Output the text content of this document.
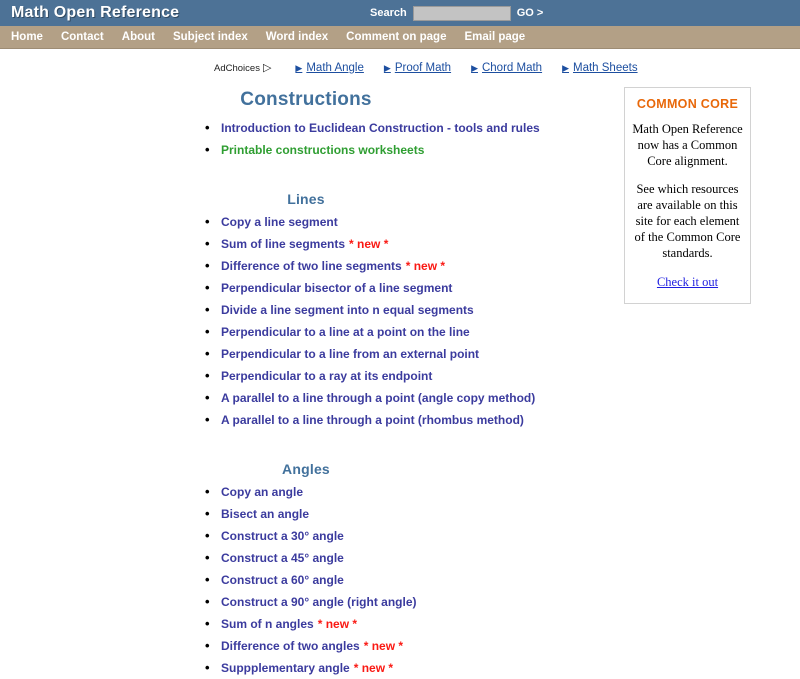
Math Open Reference	Search	GO >
Home	Contact	About	Subject index	Word index	Comment on page	Email page
AdChoices ▷	▶ Math Angle ▶ Proof Math ▶ Chord Math ▶ Math Sheets
Constructions
• Introduction to Euclidean Construction - tools and rules
• Printable constructions worksheets
Lines
• Copy a line segment
• Sum of line segments * new *
• Difference of two line segments * new *
• Perpendicular bisector of a line segment
• Divide a line segment into n equal segments
• Perpendicular to a line at a point on the line
• Perpendicular to a line from an external point
• Perpendicular to a ray at its endpoint
• A parallel to a line through a point (angle copy method)
• A parallel to a line through a point (rhombus method)
Angles
• Copy an angle
• Bisect an angle
• Construct a 30° angle
• Construct a 45° angle
• Construct a 60° angle
• Construct a 90° angle (right angle)
• Sum of n angles * new *
• Difference of two angles * new *
• Suppplementary angle * new *
COMMON CORE

Math Open Reference now has a Common Core alignment.

See which resources are available on this site for each element of the Common Core standards.

Check it out
